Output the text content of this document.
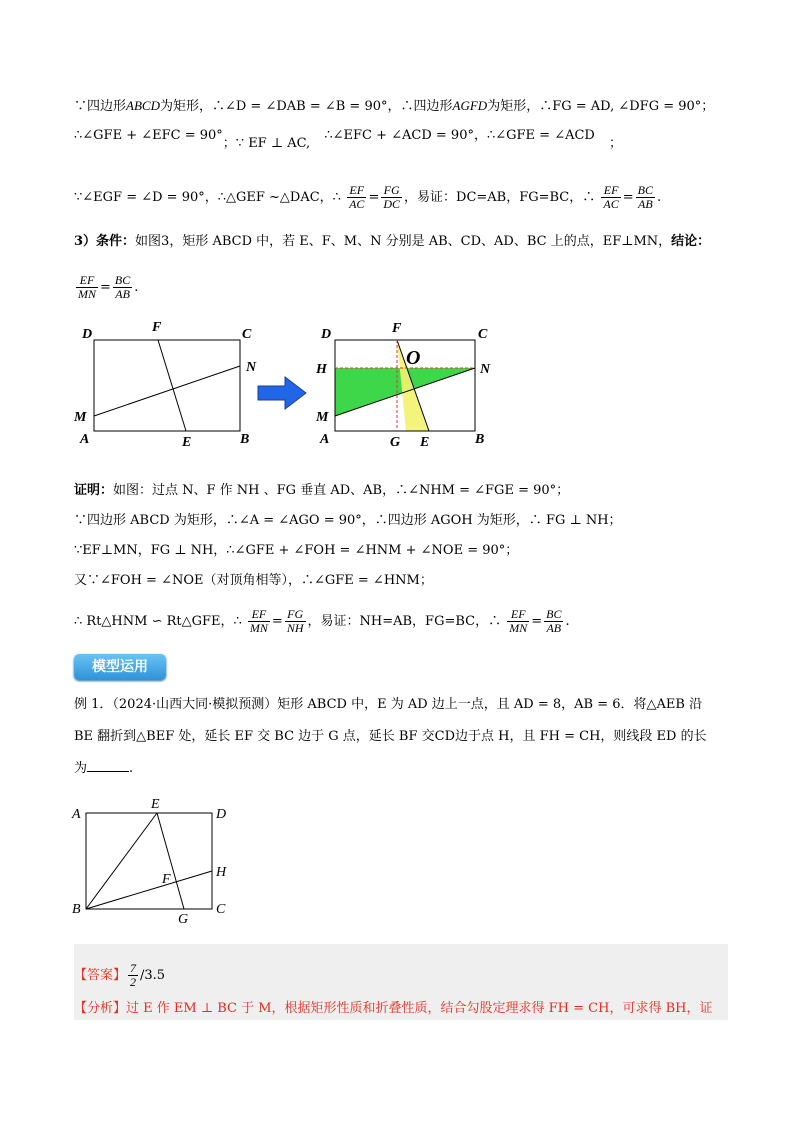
∵四边形ABCD为矩形，∴∠D = ∠DAB = ∠B = 90°，∴四边形AGFD为矩形，∴FG = AD, ∠DFG = 90°；
∴∠GFE + ∠EFC = 90°；∵ EF ⊥ AC, ∴∠EFC + ∠ACD = 90°，∴∠GFE = ∠ACD ；
∵∠EGF = ∠D = 90°，∴△GEF ~△DAC，∴ $\frac{EF}{AC} = \frac{FG}{DC}$ ，易证：DC=AB，FG=BC，∴ $\frac{EF}{AC} = \frac{BC}{AB}$ .
3）条件：如图3，矩形 ABCD 中，若 E、F、M、N 分别是 AB、CD、AD、BC 上的点，EF⊥MN，结论：
$\frac{EF}{MN} = \frac{BC}{AB}$ .
D	F	C
N
M
A	E	B
D	F	C
H
O
N
M
A	G E	B
证明：如图：过点 N、F 作 NH 、FG 垂直 AD、AB，∴∠NHM = ∠FGE = 90°；
∵四边形 ABCD 为矩形，∴∠A = ∠AGO = 90°，∴四边形 AGOH 为矩形，∴ FG ⊥ NH；
∵EF⊥MN，FG ⊥ NH，∴∠GFE + ∠FOH = ∠HNM + ∠NOE = 90°；
又∵∠FOH = ∠NOE（对顶角相等），∴∠GFE = ∠HNM；
∴ Rt△HNM ∽ Rt△GFE，∴ $\frac{EF}{MN} = \frac{FG}{NH}$ ，易证：NH=AB，FG=BC，∴ $\frac{EF}{MN} = \frac{BC}{AB}$ .
模型运用
例 1．（2024·山西大同·模拟预测）矩形 ABCD 中，E 为 AD 边上一点，且 AD = 8，AB = 6．将△AEB 沿
BE 翻折到△BEF 处，延长 EF 交 BC 边于 G 点，延长 BF 交CD边于点 H，且 FH = CH，则线段 ED 的长
为	.
A
E
D
H
F
B
G
C
【答案】 $\frac{7}{2} /3.5$
【分析】过 E 作 EM ⊥ BC 于 M，根据矩形性质和折叠性质，结合勾股定理求得 FH = CH，可求得 BH，证
